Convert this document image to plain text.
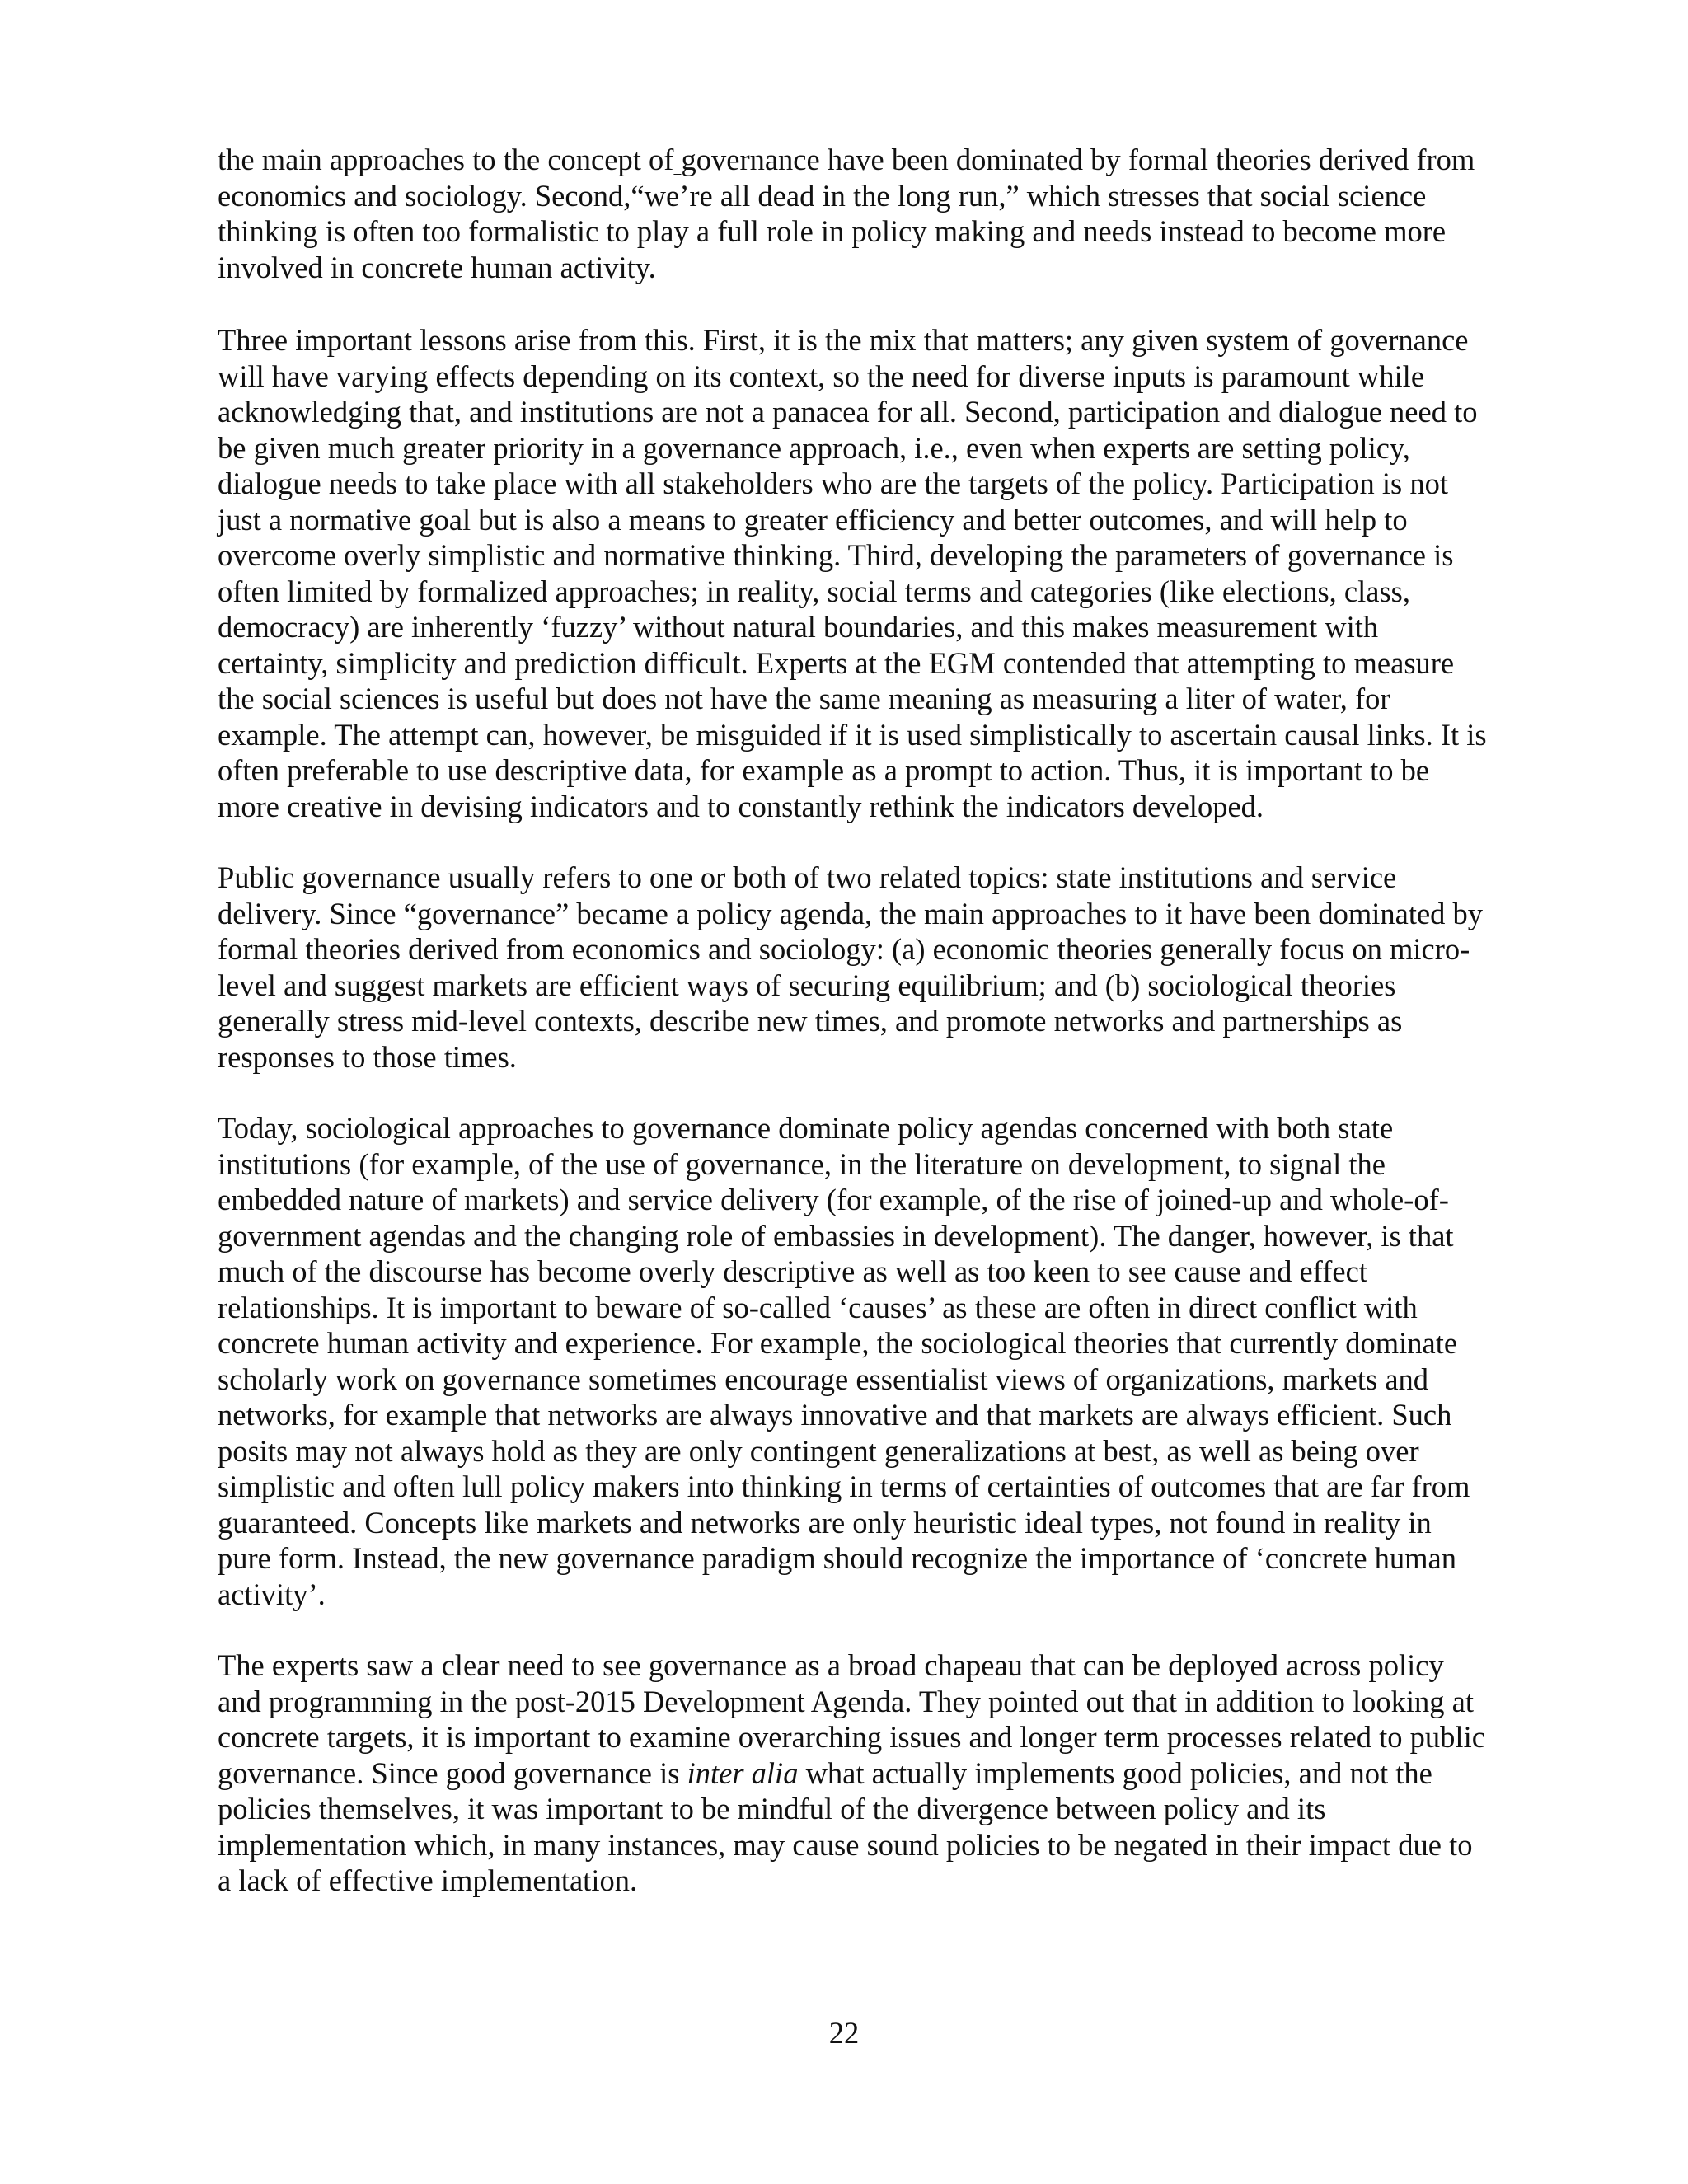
the main approaches to the concept of governance have been dominated by formal theories derived from economics and sociology. Second,“we’re all dead in the long run,” which stresses that social science thinking is often too formalistic to play a full role in policy making and needs instead to become more involved in concrete human activity.

Three important lessons arise from this. First, it is the mix that matters; any given system of governance will have varying effects depending on its context, so the need for diverse inputs is paramount while acknowledging that, and institutions are not a panacea for all. Second, participation and dialogue need to be given much greater priority in a governance approach, i.e., even when experts are setting policy, dialogue needs to take place with all stakeholders who are the targets of the policy. Participation is not just a normative goal but is also a means to greater efficiency and better outcomes, and will help to overcome overly simplistic and normative thinking. Third, developing the parameters of governance is often limited by formalized approaches; in reality, social terms and categories (like elections, class, democracy) are inherently ‘fuzzy’ without natural boundaries, and this makes measurement with certainty, simplicity and prediction difficult. Experts at the EGM contended that attempting to measure the social sciences is useful but does not have the same meaning as measuring a liter of water, for example. The attempt can, however, be misguided if it is used simplistically to ascertain causal links. It is often preferable to use descriptive data, for example as a prompt to action. Thus, it is important to be more creative in devising indicators and to constantly rethink the indicators developed.

Public governance usually refers to one or both of two related topics: state institutions and service delivery. Since “governance” became a policy agenda, the main approaches to it have been dominated by formal theories derived from economics and sociology: (a) economic theories generally focus on micro-level and suggest markets are efficient ways of securing equilibrium; and (b) sociological theories generally stress mid-level contexts, describe new times, and promote networks and partnerships as responses to those times.

Today, sociological approaches to governance dominate policy agendas concerned with both state institutions (for example, of the use of governance, in the literature on development, to signal the embedded nature of markets) and service delivery (for example, of the rise of joined-up and whole-of-government agendas and the changing role of embassies in development). The danger, however, is that much of the discourse has become overly descriptive as well as too keen to see cause and effect relationships. It is important to beware of so-called ‘causes’ as these are often in direct conflict with concrete human activity and experience. For example, the sociological theories that currently dominate scholarly work on governance sometimes encourage essentialist views of organizations, markets and networks, for example that networks are always innovative and that markets are always efficient. Such posits may not always hold as they are only contingent generalizations at best, as well as being over simplistic and often lull policy makers into thinking in terms of certainties of outcomes that are far from guaranteed. Concepts like markets and networks are only heuristic ideal types, not found in reality in pure form. Instead, the new governance paradigm should recognize the importance of ‘concrete human activity’.

The experts saw a clear need to see governance as a broad chapeau that can be deployed across policy and programming in the post-2015 Development Agenda. They pointed out that in addition to looking at concrete targets, it is important to examine overarching issues and longer term processes related to public governance. Since good governance is inter alia what actually implements good policies, and not the policies themselves, it was important to be mindful of the divergence between policy and its implementation which, in many instances, may cause sound policies to be negated in their impact due to a lack of effective implementation.

22
